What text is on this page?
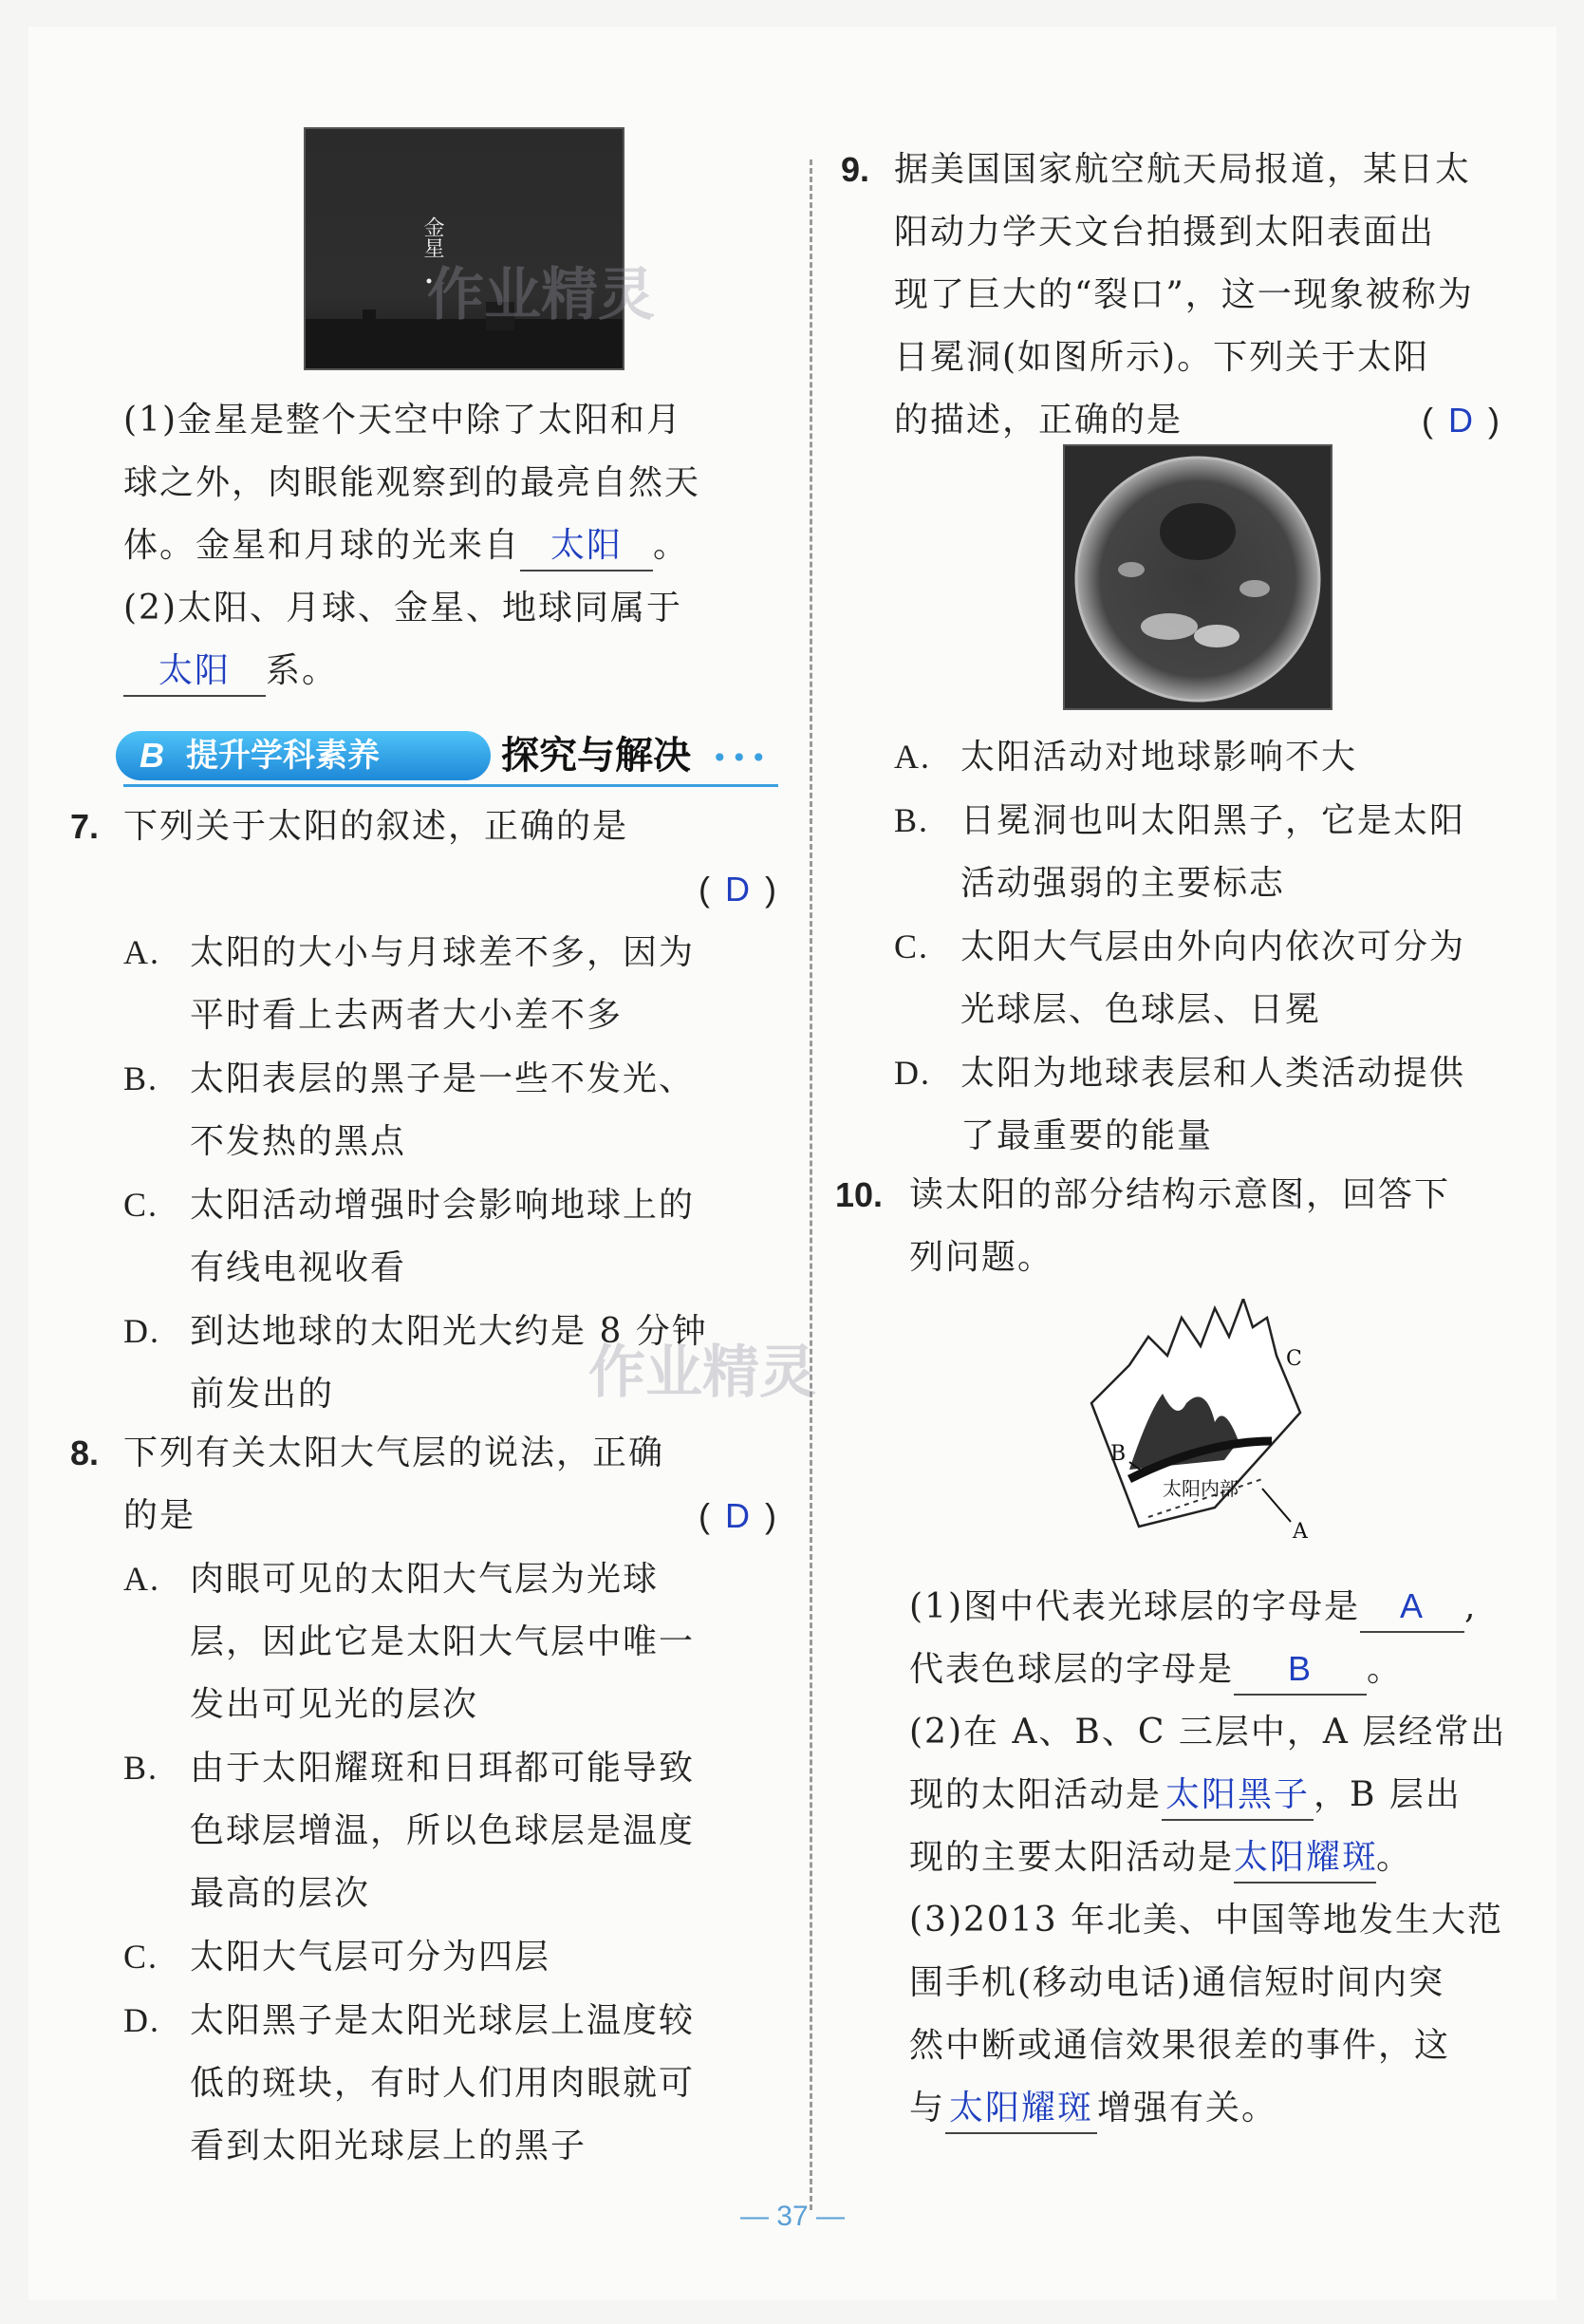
金星
(1)金星是整个天空中除了太阳和月
球之外，肉眼能观察到的最亮自然天
体。金星和月球的光来自 太阳 。
(2)太阳、月球、金星、地球同属于
太阳 系。
B 提升学科素养	探究与解决 •••
7. 下列关于太阳的叙述，正确的是
( D )
A. 太阳的大小与月球差不多，因为
平时看上去两者大小差不多
B. 太阳表层的黑子是一些不发光、
不发热的黑点
C. 太阳活动增强时会影响地球上的
有线电视收看
D. 到达地球的太阳光大约是 8 分钟
前发出的
8. 下列有关太阳大气层的说法，正确
的是	( D )
A. 肉眼可见的太阳大气层为光球
层，因此它是太阳大气层中唯一
发出可见光的层次
B. 由于太阳耀斑和日珥都可能导致
色球层增温，所以色球层是温度
最高的层次
C. 太阳大气层可分为四层
D. 太阳黑子是太阳光球层上温度较
低的斑块，有时人们用肉眼就可
看到太阳光球层上的黑子
9. 据美国国家航空航天局报道，某日太
阳动力学天文台拍摄到太阳表面出
现了巨大的“裂口”，这一现象被称为
日冕洞(如图所示)。下列关于太阳
的描述，正确的是	( D )
A. 太阳活动对地球影响不大
B. 日冕洞也叫太阳黑子，它是太阳
活动强弱的主要标志
C. 太阳大气层由外向内依次可分为
光球层、色球层、日冕
D. 太阳为地球表层和人类活动提供
了最重要的能量
10. 读太阳的部分结构示意图，回答下
列问题。
太阳内部
B
C
A
(1)图中代表光球层的字母是 A ,
代表色球层的字母是 B 。
(2)在 A、B、C 三层中，A 层经常出
现的太阳活动是 太阳黑子 ，B 层出
现的主要太阳活动是太阳耀斑。
(3)2013 年北美、中国等地发生大范
围手机(移动电话)通信短时间内突
然中断或通信效果很差的事件，这
与 太阳耀斑 增强有关。
作业精灵
作业精灵
— 37 —
